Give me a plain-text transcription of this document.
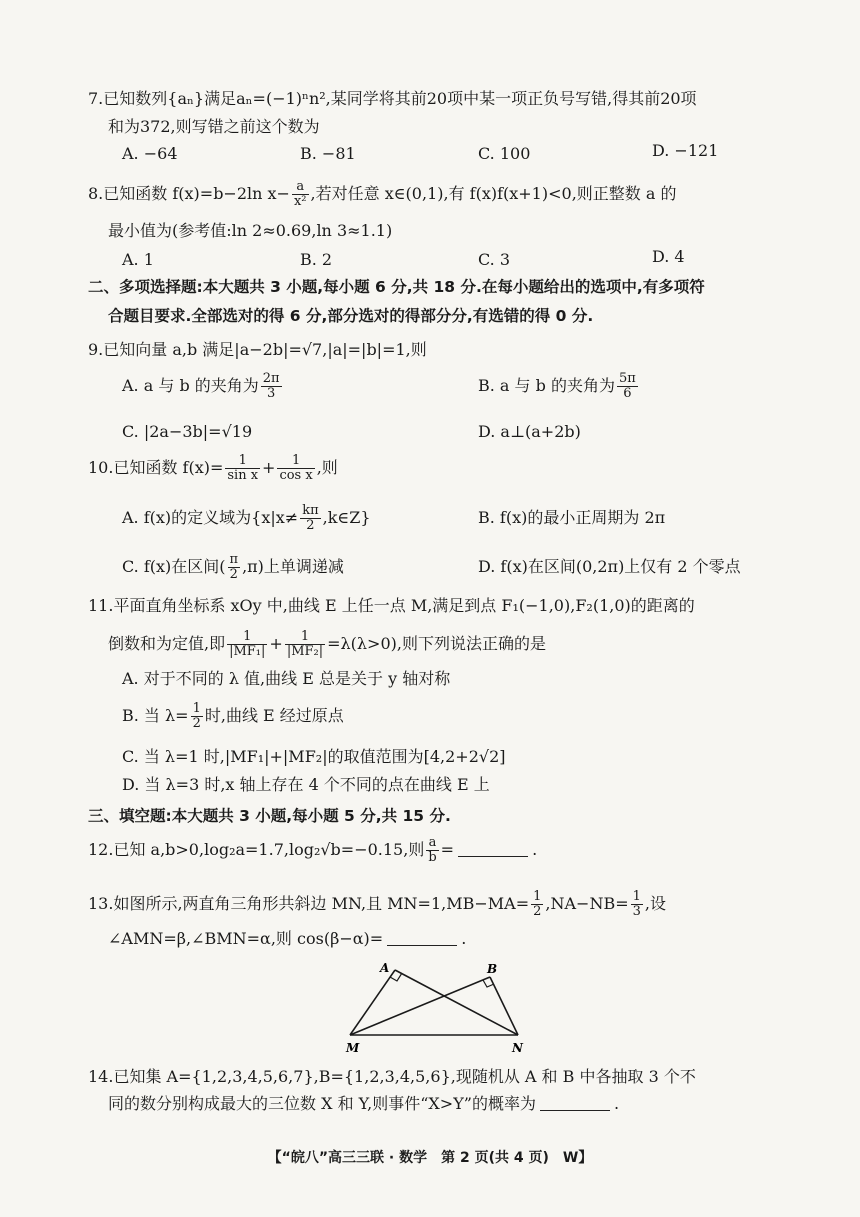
7.已知数列{aₙ}满足aₙ=(−1)ⁿn²,某同学将其前20项中某一项正负号写错,得其前20项
和为372,则写错之前这个数为
A. −64	B. −81	C. 100	D. −121
8.已知函数 f(x)=b−2ln $x- \frac{a}{\text{x²}}$ ,若对任意 x∈(0,1),有 f(x)f(x+1)<0,则正整数 a 的
最小值为(参考值:ln 2≈0.69,ln 3≈1.1)
A. 1	B. 2	C. 3	D. 4
二、多项选择题:本大题共 3 小题,每小题 6 分,共 18 分.在每小题给出的选项中,有多项符
合题目要求.全部选对的得 6 分,部分选对的得部分分,有选错的得 0 分.
9.已知向量 a,b 满足|a−2b|=√7,|a|=|b|=1,则
A. a 与 b 的夹角为 $\frac{2\pi}{3}$	B. a 与 b 的夹角为 $\frac{5\pi}{6}$
C. |2a−3b|=√19	D. a⊥(a+2b)
10.已知函数 $f(x)= \frac{1}{\text{sin x}} + \frac{1}{\text{cos x}}$ ,则
A. f(x)的定义域为{$x|x\ne \frac{k\pi}{2}$ ,k∈Z}	B. f(x)的最小正周期为 2π
C. f(x)在区间( $\frac{\pi}{2} ,\pi$)上单调递减	D. f(x)在区间(0,2π)上仅有 2 个零点
11.平面直角坐标系 xOy 中,曲线 E 上任一点 M,满足到点 F₁(−1,0),F₂(1,0)的距离的
倒数和为定值,即 $\frac{1}{\text{|MF₁|}} + \frac{1}{\text{|MF₂|}} =\lambda(\lambda>0)$,则下列说法正确的是
A. 对于不同的 λ 值,曲线 E 总是关于 y 轴对称
B. 当 $\lambda= \frac{1}{2}$ 时,曲线 E 经过原点
C. 当 λ=1 时,|MF₁|+|MF₂|的取值范围为[4,2+2√2]
D. 当 λ=3 时,x 轴上存在 4 个不同的点在曲线 E 上
三、填空题:本大题共 3 小题,每小题 5 分,共 15 分.
12.已知 a,b>0,log₂a=1.7,log₂√b=−0.15,则 $\frac{a}{b}$ =	.
13.如图所示,两直角三角形共斜边 MN,且 $MN=1,MB-MA= \frac{1}{2} ,NA-NB= \frac{1}{3}$ ,设
∠AMN=β,∠BMN=α,则 cos(β−α)=	.
A	B
M	N
14.已知集 A={1,2,3,4,5,6,7},B={1,2,3,4,5,6},现随机从 A 和 B 中各抽取 3 个不
同的数分别构成最大的三位数 X 和 Y,则事件“X>Y”的概率为	.
【“皖八”高三三联 · 数学　第 2 页(共 4 页)　W】
